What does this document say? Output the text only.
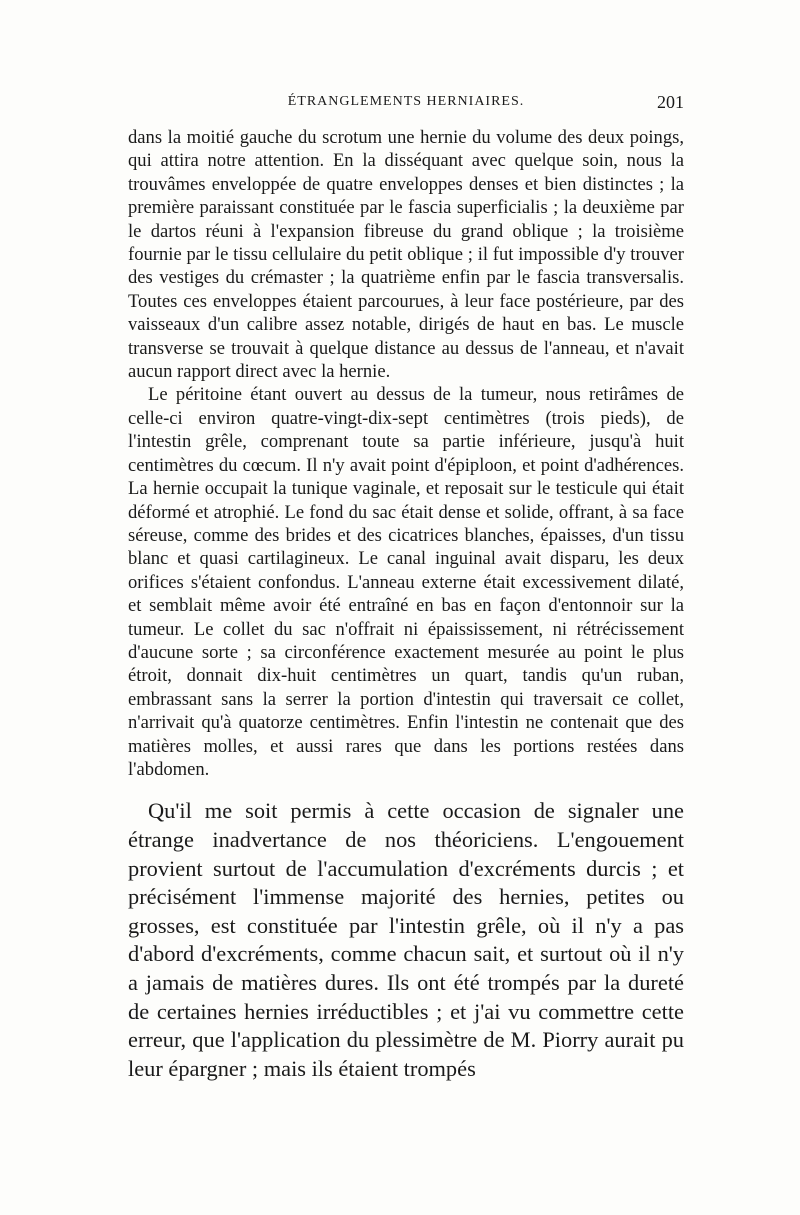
ÉTRANGLEMENTS HERNIAIRES.	201

dans la moitié gauche du scrotum une hernie du volume des deux poings, qui attira notre attention. En la disséquant avec quelque soin, nous la trouvâmes enveloppée de quatre enveloppes denses et bien distinctes ; la première paraissant constituée par le fascia superficialis ; la deuxième par le dartos réuni à l'expansion fibreuse du grand oblique ; la troisième fournie par le tissu cellulaire du petit oblique ; il fut impossible d'y trouver des vestiges du crémaster ; la quatrième enfin par le fascia transversalis. Toutes ces enveloppes étaient parcourues, à leur face postérieure, par des vaisseaux d'un calibre assez notable, dirigés de haut en bas. Le muscle transverse se trouvait à quelque distance au dessus de l'anneau, et n'avait aucun rapport direct avec la hernie.

Le péritoine étant ouvert au dessus de la tumeur, nous retirâmes de celle-ci environ quatre-vingt-dix-sept centimètres (trois pieds), de l'intestin grêle, comprenant toute sa partie inférieure, jusqu'à huit centimètres du cœcum. Il n'y avait point d'épiploon, et point d'adhérences. La hernie occupait la tunique vaginale, et reposait sur le testicule qui était déformé et atrophié. Le fond du sac était dense et solide, offrant, à sa face séreuse, comme des brides et des cicatrices blanches, épaisses, d'un tissu blanc et quasi cartilagineux. Le canal inguinal avait disparu, les deux orifices s'étaient confondus. L'anneau externe était excessivement dilaté, et semblait même avoir été entraîné en bas en façon d'entonnoir sur la tumeur. Le collet du sac n'offrait ni épaississement, ni rétrécissement d'aucune sorte ; sa circonférence exactement mesurée au point le plus étroit, donnait dix-huit centimètres un quart, tandis qu'un ruban, embrassant sans la serrer la portion d'intestin qui traversait ce collet, n'arrivait qu'à quatorze centimètres. Enfin l'intestin ne contenait que des matières molles, et aussi rares que dans les portions restées dans l'abdomen.

Qu'il me soit permis à cette occasion de signaler une étrange inadvertance de nos théoriciens. L'engouement provient surtout de l'accumulation d'excréments durcis ; et précisément l'immense majorité des hernies, petites ou grosses, est constituée par l'intestin grêle, où il n'y a pas d'abord d'excréments, comme chacun sait, et surtout où il n'y a jamais de matières dures. Ils ont été trompés par la dureté de certaines hernies irréductibles ; et j'ai vu commettre cette erreur, que l'application du plessimètre de M. Piorry aurait pu leur épargner ; mais ils étaient trompés
